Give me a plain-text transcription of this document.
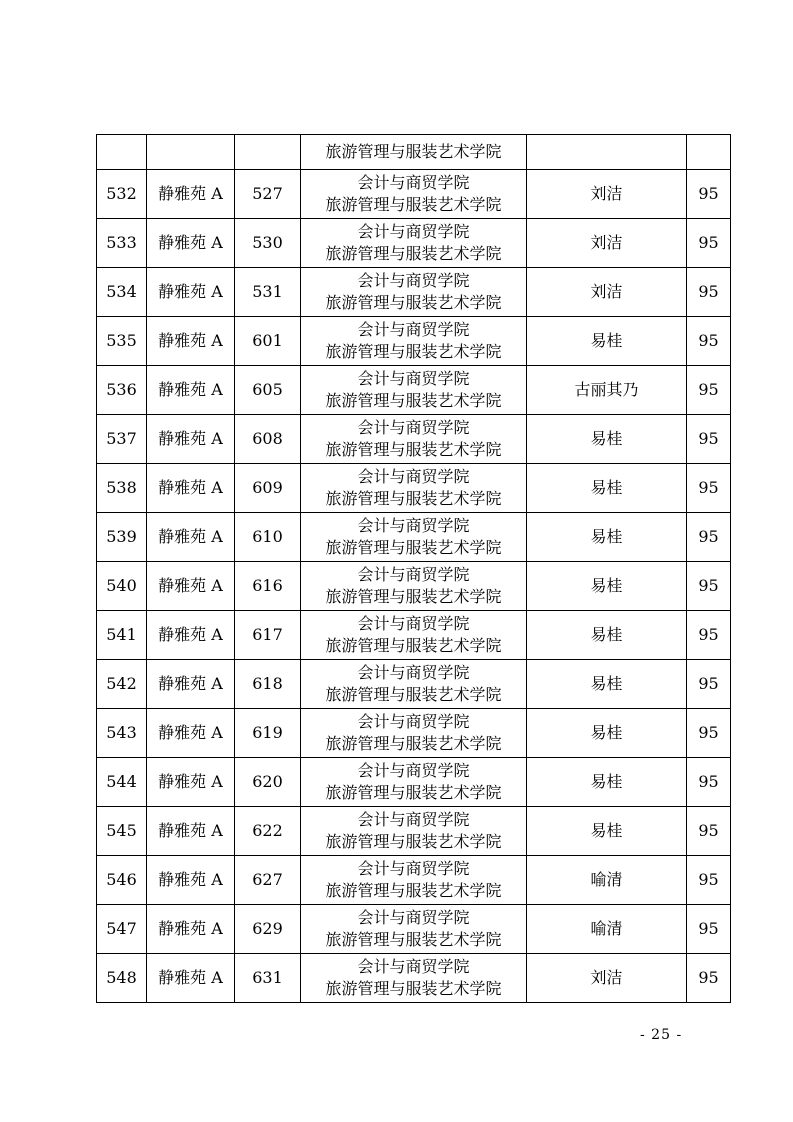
			旅游管理与服装艺术学院		

532	静雅苑 A	527	会计与商贸学院
旅游管理与服装艺术学院	刘洁	95
533	静雅苑 A	530	会计与商贸学院
旅游管理与服装艺术学院	刘洁	95
534	静雅苑 A	531	会计与商贸学院
旅游管理与服装艺术学院	刘洁	95
535	静雅苑 A	601	会计与商贸学院
旅游管理与服装艺术学院	易桂	95
536	静雅苑 A	605	会计与商贸学院
旅游管理与服装艺术学院	古丽其乃	95
537	静雅苑 A	608	会计与商贸学院
旅游管理与服装艺术学院	易桂	95
538	静雅苑 A	609	会计与商贸学院
旅游管理与服装艺术学院	易桂	95
539	静雅苑 A	610	会计与商贸学院
旅游管理与服装艺术学院	易桂	95
540	静雅苑 A	616	会计与商贸学院
旅游管理与服装艺术学院	易桂	95
541	静雅苑 A	617	会计与商贸学院
旅游管理与服装艺术学院	易桂	95
542	静雅苑 A	618	会计与商贸学院
旅游管理与服装艺术学院	易桂	95
543	静雅苑 A	619	会计与商贸学院
旅游管理与服装艺术学院	易桂	95
544	静雅苑 A	620	会计与商贸学院
旅游管理与服装艺术学院	易桂	95
545	静雅苑 A	622	会计与商贸学院
旅游管理与服装艺术学院	易桂	95
546	静雅苑 A	627	会计与商贸学院
旅游管理与服装艺术学院	喻清	95
547	静雅苑 A	629	会计与商贸学院
旅游管理与服装艺术学院	喻清	95
548	静雅苑 A	631	会计与商贸学院
旅游管理与服装艺术学院	刘洁	95
- 25 -
